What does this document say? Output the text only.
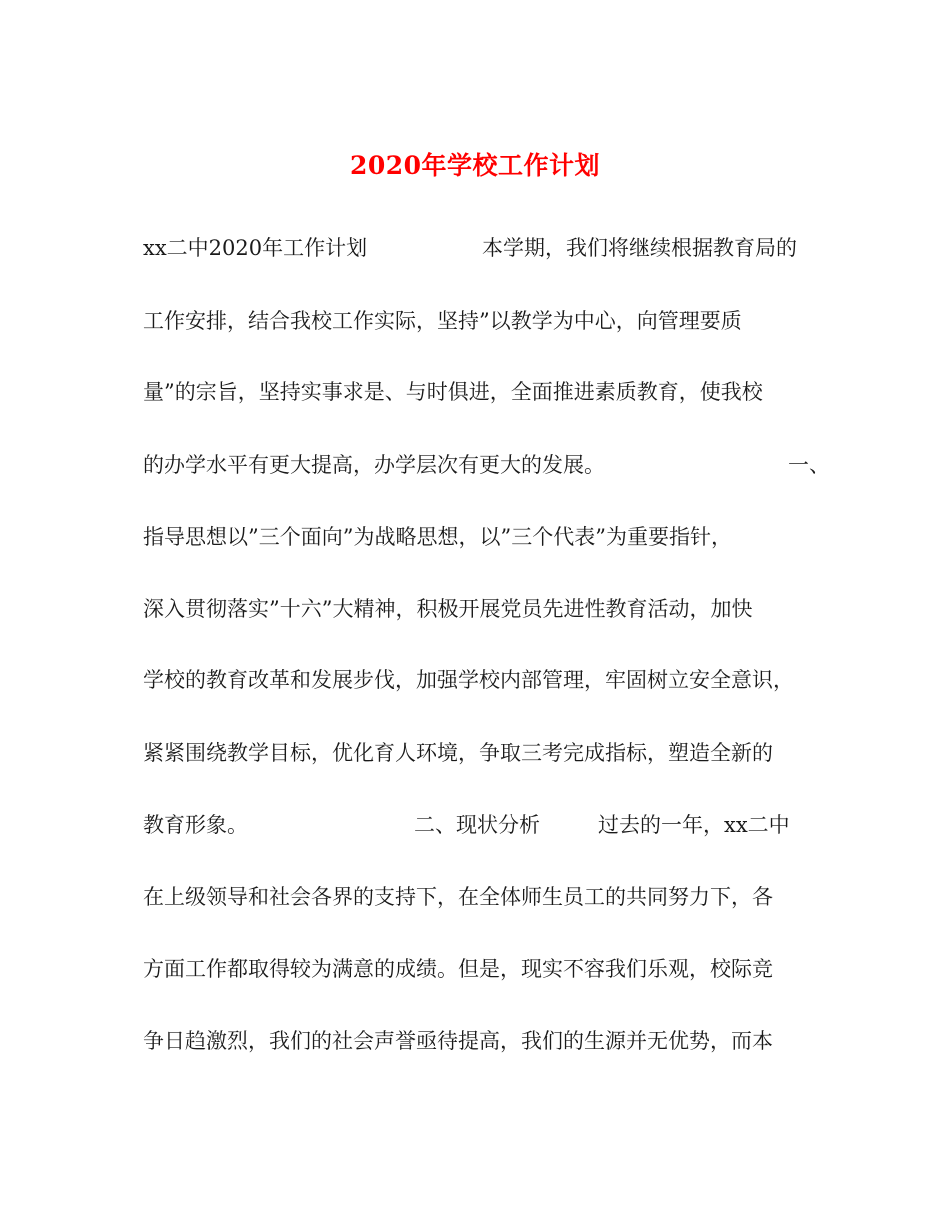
2020年学校工作计划
xx二中2020年工作计划	本学期，我们将继续根据教育局的
工作安排，结合我校工作实际，坚持”以教学为中心，向管理要质
量”的宗旨，坚持实事求是、与时俱进，全面推进素质教育，使我校
的办学水平有更大提高，办学层次有更大的发展。	一、
指导思想以”三个面向”为战略思想，以”三个代表”为重要指针，
深入贯彻落实”十六”大精神，积极开展党员先进性教育活动，加快
学校的教育改革和发展步伐，加强学校内部管理，牢固树立安全意识，
紧紧围绕教学目标，优化育人环境，争取三考完成指标，塑造全新的
教育形象。	二、现状分析	过去的一年，xx二中
在上级领导和社会各界的支持下，在全体师生员工的共同努力下，各
方面工作都取得较为满意的成绩。但是，现实不容我们乐观，校际竞
争日趋激烈，我们的社会声誉亟待提高，我们的生源并无优势，而本
